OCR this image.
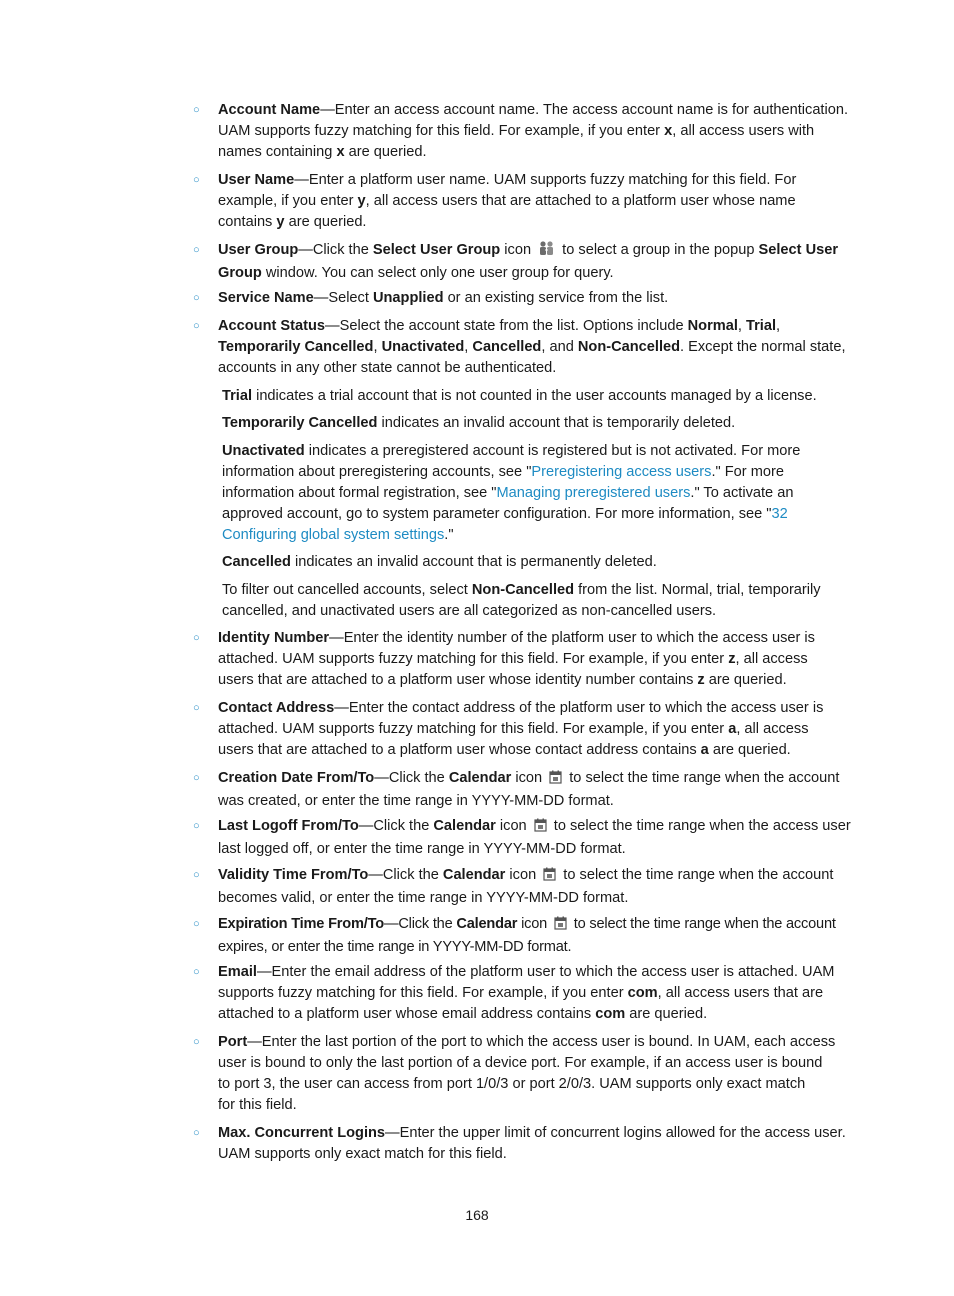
○ Account Name—Enter an access account name. The access account name is for authentication.
UAM supports fuzzy matching for this field. For example, if you enter x, all access users with
names containing x are queried.
○ User Name—Enter a platform user name. UAM supports fuzzy matching for this field. For
example, if you enter y, all access users that are attached to a platform user whose name
contains y are queried.
○ User Group—Click the Select User Group icon  to select a group in the popup Select User
Group window. You can select only one user group for query.
○ Service Name—Select Unapplied or an existing service from the list.
○ Account Status—Select the account state from the list. Options include Normal, Trial,
Temporarily Cancelled, Unactivated, Cancelled, and Non-Cancelled. Except the normal state,
accounts in any other state cannot be authenticated.
Trial indicates a trial account that is not counted in the user accounts managed by a license.
Temporarily Cancelled indicates an invalid account that is temporarily deleted.
Unactivated indicates a preregistered account is registered but is not activated. For more
information about preregistering accounts, see "Preregistering access users." For more
information about formal registration, see "Managing preregistered users." To activate an
approved account, go to system parameter configuration. For more information, see "32
Configuring global system settings."
Cancelled indicates an invalid account that is permanently deleted.
To filter out cancelled accounts, select Non-Cancelled from the list. Normal, trial, temporarily
cancelled, and unactivated users are all categorized as non-cancelled users.
○ Identity Number—Enter the identity number of the platform user to which the access user is
attached. UAM supports fuzzy matching for this field. For example, if you enter z, all access
users that are attached to a platform user whose identity number contains z are queried.
○ Contact Address—Enter the contact address of the platform user to which the access user is
attached. UAM supports fuzzy matching for this field. For example, if you enter a, all access
users that are attached to a platform user whose contact address contains a are queried.
○ Creation Date From/To—Click the Calendar icon  to select the time range when the account
was created, or enter the time range in YYYY-MM-DD format.
○ Last Logoff From/To—Click the Calendar icon  to select the time range when the access user
last logged off, or enter the time range in YYYY-MM-DD format.
○ Validity Time From/To—Click the Calendar icon  to select the time range when the account
becomes valid, or enter the time range in YYYY-MM-DD format.
○ Expiration Time From/To—Click the Calendar icon  to select the time range when the account
expires, or enter the time range in YYYY-MM-DD format.
○ Email—Enter the email address of the platform user to which the access user is attached. UAM
supports fuzzy matching for this field. For example, if you enter com, all access users that are
attached to a platform user whose email address contains com are queried.
○ Port—Enter the last portion of the port to which the access user is bound. In UAM, each access
user is bound to only the last portion of a device port. For example, if an access user is bound
to port 3, the user can access from port 1/0/3 or port 2/0/3. UAM supports only exact match
for this field.
○ Max. Concurrent Logins—Enter the upper limit of concurrent logins allowed for the access user.
UAM supports only exact match for this field.
168
